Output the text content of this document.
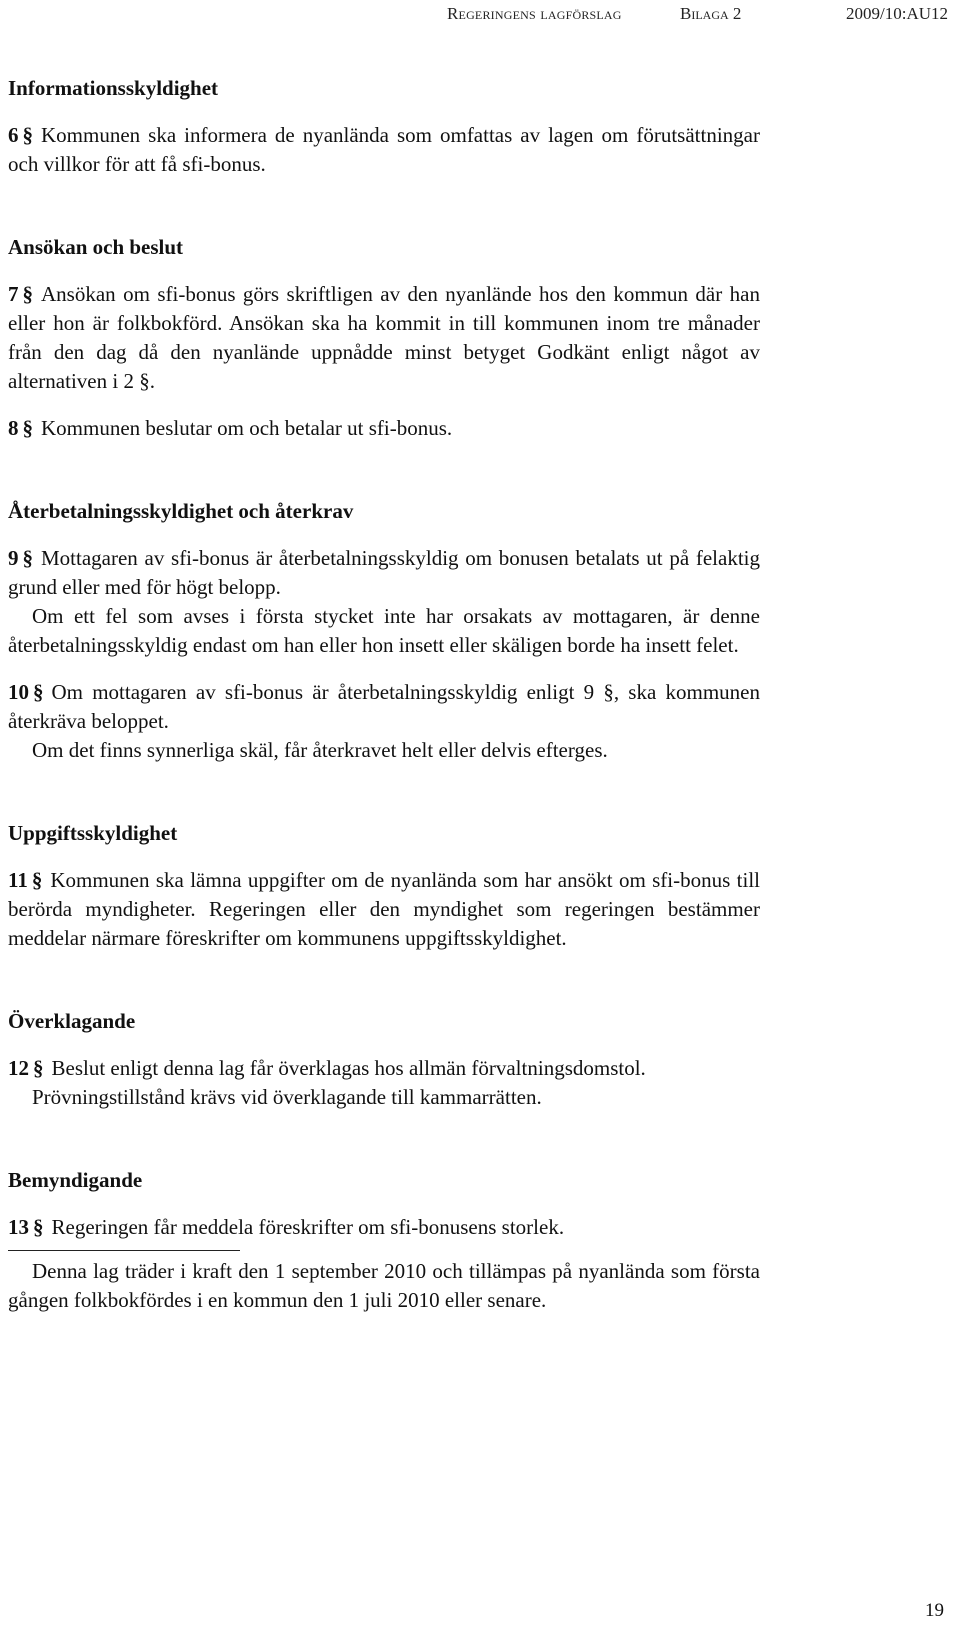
Regeringens lagförslag	Bilaga 2	2009/10:AU12

Informationsskyldighet

6 § Kommunen ska informera de nyanlända som omfattas av lagen om förutsättningar och villkor för att få sfi-bonus.

Ansökan och beslut

7 § Ansökan om sfi-bonus görs skriftligen av den nyanlände hos den kommun där han eller hon är folkbokförd. Ansökan ska ha kommit in till kommunen inom tre månader från den dag då den nyanlände uppnådde minst betyget Godkänt enligt något av alternativen i 2 §.

8 § Kommunen beslutar om och betalar ut sfi-bonus.

Återbetalningsskyldighet och återkrav

9 § Mottagaren av sfi-bonus är återbetalningsskyldig om bonusen betalats ut på felaktig grund eller med för högt belopp.

Om ett fel som avses i första stycket inte har orsakats av mottagaren, är denne återbetalningsskyldig endast om han eller hon insett eller skäligen borde ha insett felet.

10 § Om mottagaren av sfi-bonus är återbetalningsskyldig enligt 9 §, ska kommunen återkräva beloppet.

Om det finns synnerliga skäl, får återkravet helt eller delvis efterges.

Uppgiftsskyldighet

11 § Kommunen ska lämna uppgifter om de nyanlända som har ansökt om sfi-bonus till berörda myndigheter. Regeringen eller den myndighet som regeringen bestämmer meddelar närmare föreskrifter om kommunens uppgiftsskyldighet.

Överklagande

12 § Beslut enligt denna lag får överklagas hos allmän förvaltningsdomstol.

Prövningstillstånd krävs vid överklagande till kammarrätten.

Bemyndigande

13 § Regeringen får meddela föreskrifter om sfi-bonusens storlek.

Denna lag träder i kraft den 1 september 2010 och tillämpas på nyanlända som första gången folkbokfördes i en kommun den 1 juli 2010 eller senare.

19
